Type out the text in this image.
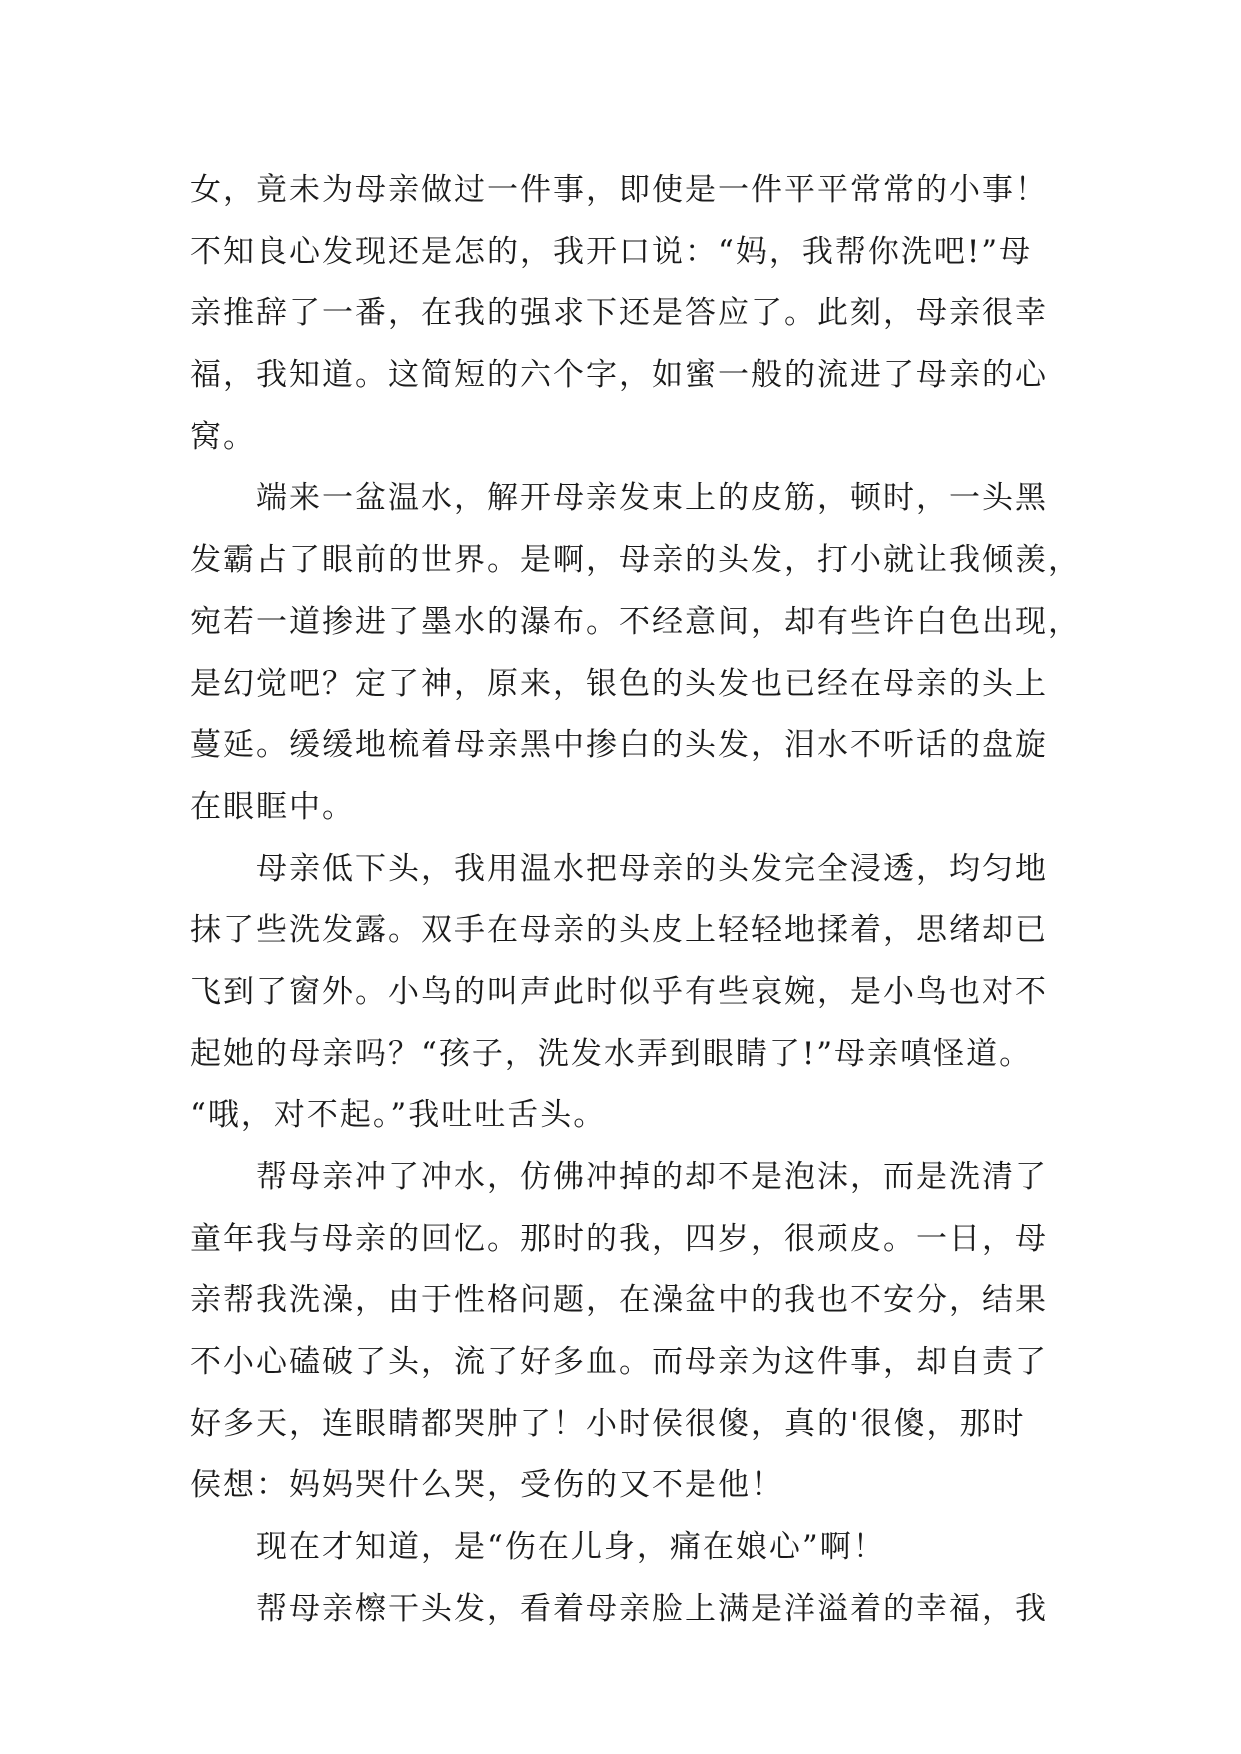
女，竟未为母亲做过一件事，即使是一件平平常常的小事！
不知良心发现还是怎的，我开口说：“妈，我帮你洗吧!”母
亲推辞了一番，在我的强求下还是答应了。此刻，母亲很幸
福，我知道。这简短的六个字，如蜜一般的流进了母亲的心
窝。
端来一盆温水，解开母亲发束上的皮筋，顿时，一头黑
发霸占了眼前的世界。是啊，母亲的头发，打小就让我倾羡，
宛若一道掺进了墨水的瀑布。不经意间，却有些许白色出现，
是幻觉吧？定了神，原来，银色的头发也已经在母亲的头上
蔓延。缓缓地梳着母亲黑中掺白的头发，泪水不听话的盘旋
在眼眶中。
母亲低下头，我用温水把母亲的头发完全浸透，均匀地
抹了些洗发露。双手在母亲的头皮上轻轻地揉着，思绪却已
飞到了窗外。小鸟的叫声此时似乎有些哀婉，是小鸟也对不
起她的母亲吗？“孩子，洗发水弄到眼睛了!”母亲嗔怪道。
“哦，对不起。”我吐吐舌头。
帮母亲冲了冲水，仿佛冲掉的却不是泡沫，而是洗清了
童年我与母亲的回忆。那时的我，四岁，很顽皮。一日，母
亲帮我洗澡，由于性格问题，在澡盆中的我也不安分，结果
不小心磕破了头，流了好多血。而母亲为这件事，却自责了
好多天，连眼睛都哭肿了！小时侯很傻，真的'很傻，那时
侯想：妈妈哭什么哭，受伤的又不是他！
现在才知道，是“伤在儿身，痛在娘心”啊！
帮母亲檫干头发，看着母亲脸上满是洋溢着的幸福，我
